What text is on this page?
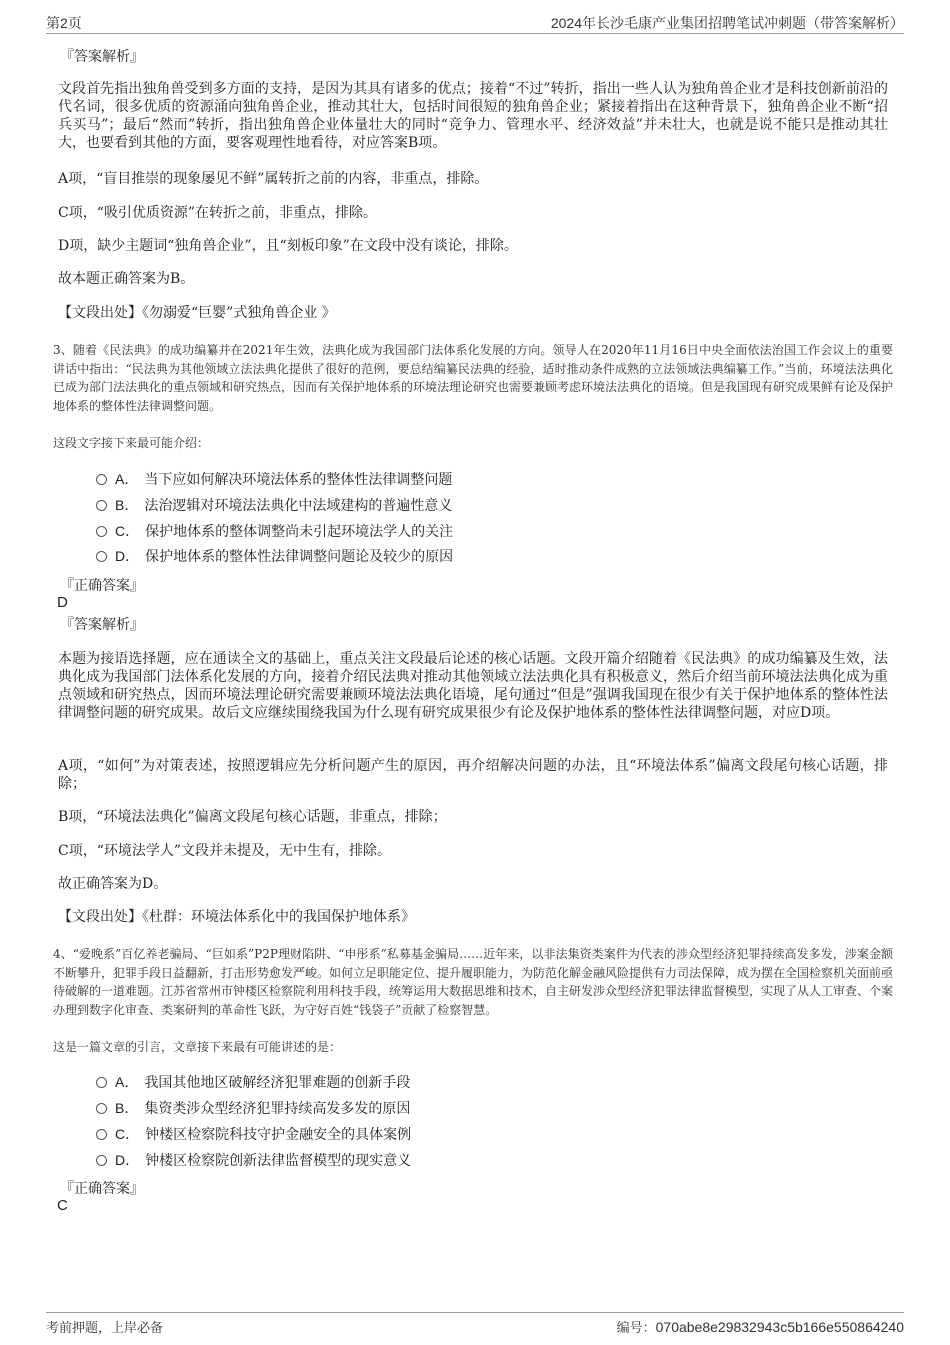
第2页	2024年长沙毛康产业集团招聘笔试冲刺题（带答案解析）
『答案解析』
文段首先指出独角兽受到多方面的支持，是因为其具有诸多的优点；接着“不过”转折，指出一些人认为独角兽企业才是科技创新前沿的代名词，很多优质的资源涌向独角兽企业，推动其壮大，包括时间很短的独角兽企业；紧接着指出在这种背景下，独角兽企业不断“招兵买马”；最后“然而”转折，指出独角兽企业体量壮大的同时“竞争力、管理水平、经济效益”并未壮大，也就是说不能只是推动其壮大，也要看到其他的方面，要客观理性地看待，对应答案B项。
A项，“盲目推崇的现象屡见不鲜”属转折之前的内容，非重点，排除。
C项，“吸引优质资源”在转折之前，非重点，排除。
D项，缺少主题词“独角兽企业”，且“刻板印象”在文段中没有谈论，排除。
故本题正确答案为B。
【文段出处】《勿溺爱“巨婴”式独角兽企业 》
3、随着《民法典》的成功编纂并在2021年生效，法典化成为我国部门法体系化发展的方向。领导人在2020年11月16日中央全面依法治国工作会议上的重要讲话中指出：“民法典为其他领域立法法典化提供了很好的范例，要总结编纂民法典的经验，适时推动条件成熟的立法领域法典编纂工作。”当前，环境法法典化已成为部门法法典化的重点领域和研究热点，因而有关保护地体系的环境法理论研究也需要兼顾考虑环境法法典化的语境。但是我国现有研究成果鲜有论及保护地体系的整体性法律调整问题。
这段文字接下来最可能介绍：
A． 当下应如何解决环境法体系的整体性法律调整问题
B． 法治逻辑对环境法法典化中法域建构的普遍性意义
C． 保护地体系的整体调整尚未引起环境法学人的关注
D． 保护地体系的整体性法律调整问题论及较少的原因
『正确答案』
D
『答案解析』
本题为接语选择题，应在通读全文的基础上，重点关注文段最后论述的核心话题。文段开篇介绍随着《民法典》的成功编纂及生效，法典化成为我国部门法体系化发展的方向，接着介绍民法典对推动其他领域立法法典化具有积极意义，然后介绍当前环境法法典化成为重点领域和研究热点，因而环境法理论研究需要兼顾环境法法典化语境，尾句通过“但是”强调我国现在很少有关于保护地体系的整体性法律调整问题的研究成果。故后文应继续围绕我国为什么现有研究成果很少有论及保护地体系的整体性法律调整问题，对应D项。
A项，“如何”为对策表述，按照逻辑应先分析问题产生的原因，再介绍解决问题的办法，且“环境法体系”偏离文段尾句核心话题，排除；
B项，“环境法法典化”偏离文段尾句核心话题，非重点，排除；
C项，“环境法学人”文段并未提及，无中生有，排除。
故正确答案为D。
【文段出处】《杜群：环境法体系化中的我国保护地体系》
4、“爱晚系”百亿养老骗局、“巨如系”P2P理财陷阱、“申彤系”私募基金骗局……近年来，以非法集资类案件为代表的涉众型经济犯罪持续高发多发，涉案金额不断攀升，犯罪手段日益翻新，打击形势愈发严峻。如何立足职能定位、提升履职能力，为防范化解金融风险提供有力司法保障，成为摆在全国检察机关面前亟待破解的一道难题。江苏省常州市钟楼区检察院利用科技手段，统筹运用大数据思维和技术，自主研发涉众型经济犯罪法律监督模型，实现了从人工审查、个案办理到数字化审查、类案研判的革命性飞跃，为守好百姓“钱袋子”贡献了检察智慧。
这是一篇文章的引言，文章接下来最有可能讲述的是：
A． 我国其他地区破解经济犯罪难题的创新手段
B． 集资类涉众型经济犯罪持续高发多发的原因
C． 钟楼区检察院科技守护金融安全的具体案例
D． 钟楼区检察院创新法律监督模型的现实意义
『正确答案』
C
考前押题，上岸必备	编号：070abe8e29832943c5b166e550864240
